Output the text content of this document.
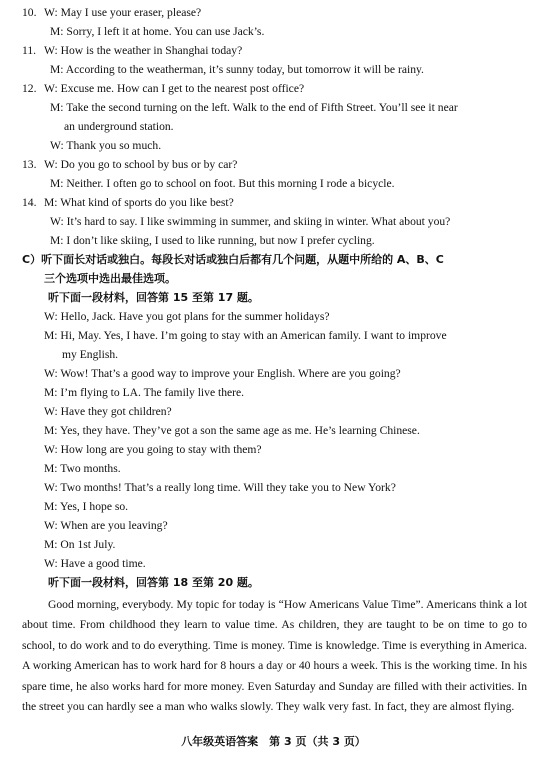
10. W: May I use your eraser, please?
M: Sorry, I left it at home. You can use Jack’s.
11. W: How is the weather in Shanghai today?
M: According to the weatherman, it’s sunny today, but tomorrow it will be rainy.
12. W: Excuse me. How can I get to the nearest post office?
M: Take the second turning on the left. Walk to the end of Fifth Street. You’ll see it near
an underground station.
W: Thank you so much.
13. W: Do you go to school by bus or by car?
M: Neither. I often go to school on foot. But this morning I rode a bicycle.
14. M: What kind of sports do you like best?
W: It’s hard to say. I like swimming in summer, and skiing in winter. What about you?
M: I don’t like skiing, I used to like running, but now I prefer cycling.
C）听下面长对话或独白。每段长对话或独白后都有几个问题，从题中所给的 A、B、C
三个选项中选出最佳选项。
听下面一段材料，回答第 15 至第 17 题。
W: Hello, Jack. Have you got plans for the summer holidays?
M: Hi, May. Yes, I have. I’m going to stay with an American family. I want to improve
my English.
W: Wow! That’s a good way to improve your English. Where are you going?
M: I’m flying to LA. The family live there.
W: Have they got children?
M: Yes, they have. They’ve got a son the same age as me. He’s learning Chinese.
W: How long are you going to stay with them?
M: Two months.
W: Two months! That’s a really long time. Will they take you to New York?
M: Yes, I hope so.
W: When are you leaving?
M: On 1st July.
W: Have a good time.
听下面一段材料，回答第 18 至第 20 题。
Good morning, everybody. My topic for today is “How Americans Value Time”. Americans think a lot about time. From childhood they learn to value time. As children, they are taught to be on time to go to school, to do work and to do everything. Time is money. Time is knowledge. Time is everything in America. A working American has to work hard for 8 hours a day or 40 hours a week. This is the working time. In his spare time, he also works hard for more money. Even Saturday and Sunday are filled with their activities. In the street you can hardly see a man who walks slowly. They walk very fast. In fact, they are almost flying.
八年级英语答案　第 3 页（共 3 页）
